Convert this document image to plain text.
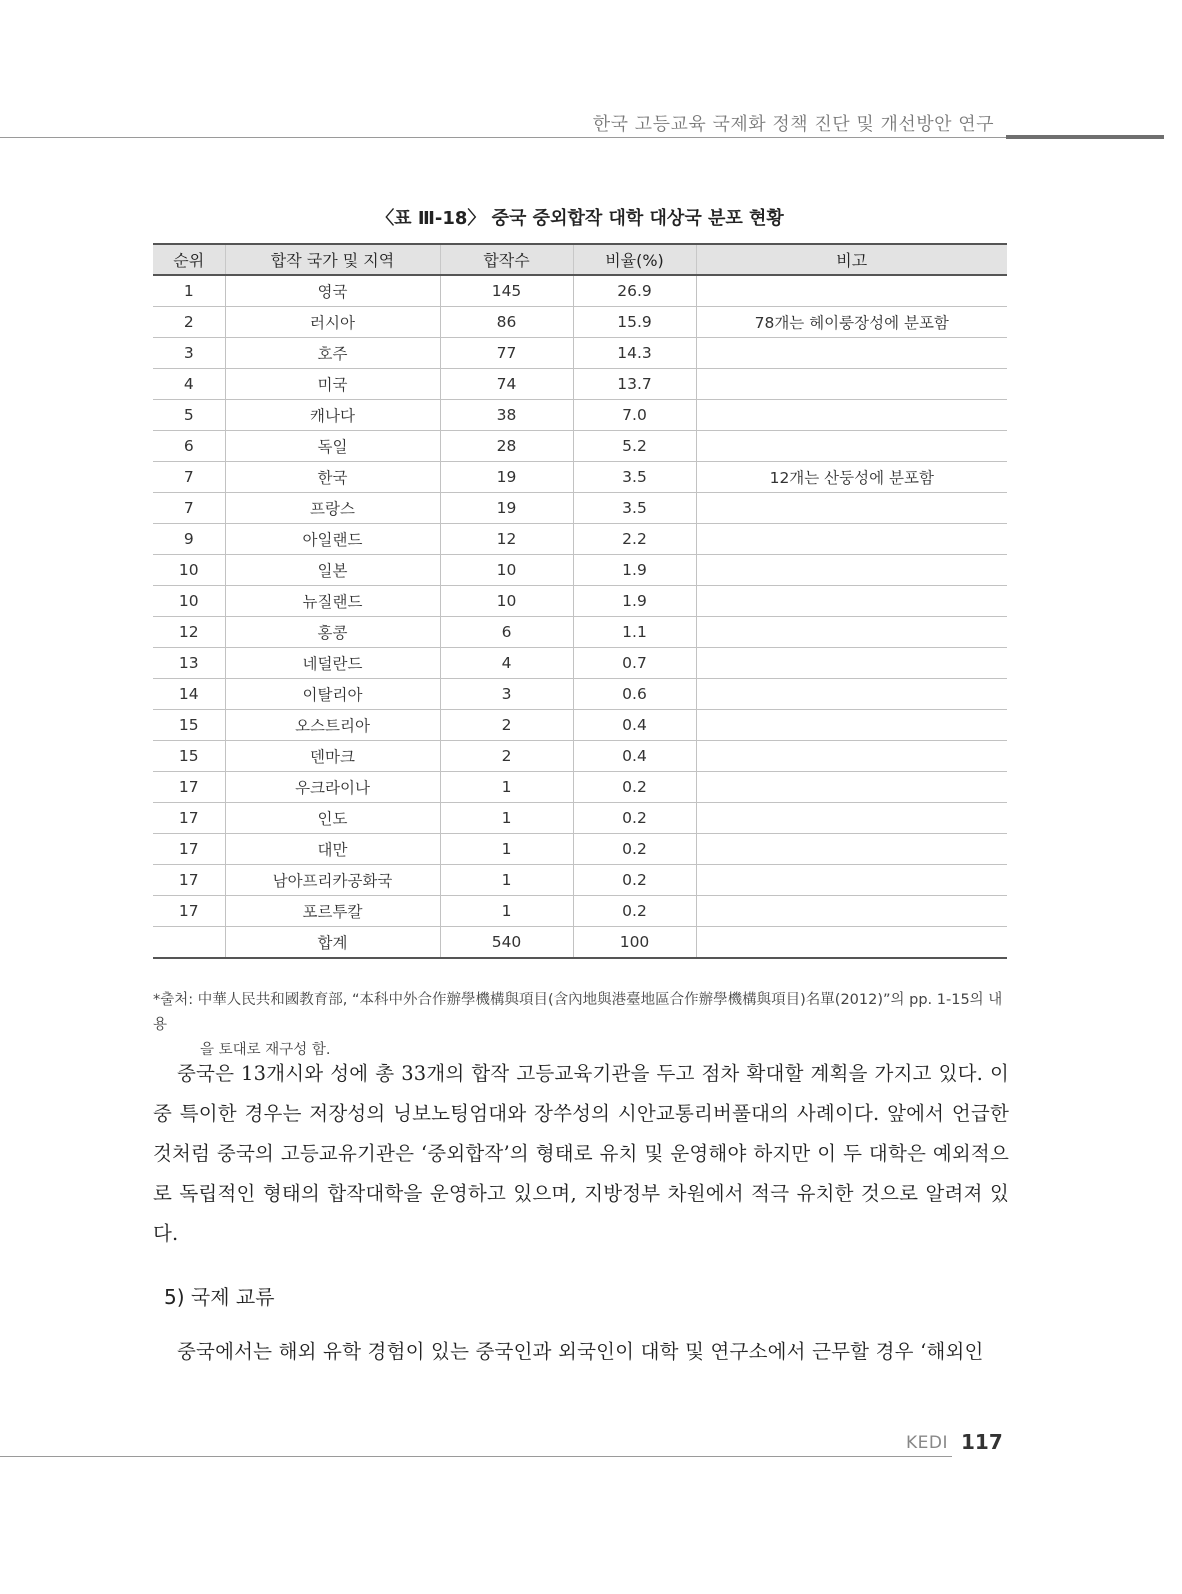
한국 고등교육 국제화 정책 진단 및 개선방안 연구
〈표 Ⅲ-18〉 중국 중외합작 대학 대상국 분포 현황
순위	합작 국가 및 지역	합작수	비율(%)	비고
1	영국	145	26.9	
2	러시아	86	15.9	78개는 헤이룽장성에 분포함
3	호주	77	14.3	
4	미국	74	13.7	
5	캐나다	38	7.0	
6	독일	28	5.2	
7	한국	19	3.5	12개는 산둥성에 분포함
7	프랑스	19	3.5	
9	아일랜드	12	2.2	
10	일본	10	1.9	
10	뉴질랜드	10	1.9	
12	홍콩	6	1.1	
13	네덜란드	4	0.7	
14	이탈리아	3	0.6	
15	오스트리아	2	0.4	
15	덴마크	2	0.4	
17	우크라이나	1	0.2	
17	인도	1	0.2	
17	대만	1	0.2	
17	남아프리카공화국	1	0.2	
17	포르투칼	1	0.2	
	합계	540	100	
*출처: 中華人民共和國教育部, “本科中外合作辦學機構與項目(含內地與港臺地區合作辦學機構與項目)名單(2012)”의 pp. 1-15의 내용
을 토대로 재구성 함.

중국은 13개시와 성에 총 33개의 합작 고등교육기관을 두고 점차 확대할 계획을 가지고 있다. 이 중 특이한 경우는 저장성의 닝보노팅엄대와 장쑤성의 시안교통리버풀대의 사례이다. 앞에서 언급한 것처럼 중국의 고등교유기관은 ‘중외합작’의 형태로 유치 및 운영해야 하지만 이 두 대학은 예외적으로 독립적인 형태의 합작대학을 운영하고 있으며, 지방정부 차원에서 적극 유치한 것으로 알려져 있다.

5) 국제 교류

중국에서는 해외 유학 경험이 있는 중국인과 외국인이 대학 및 연구소에서 근무할 경우 ‘해외인

KEDI 117
